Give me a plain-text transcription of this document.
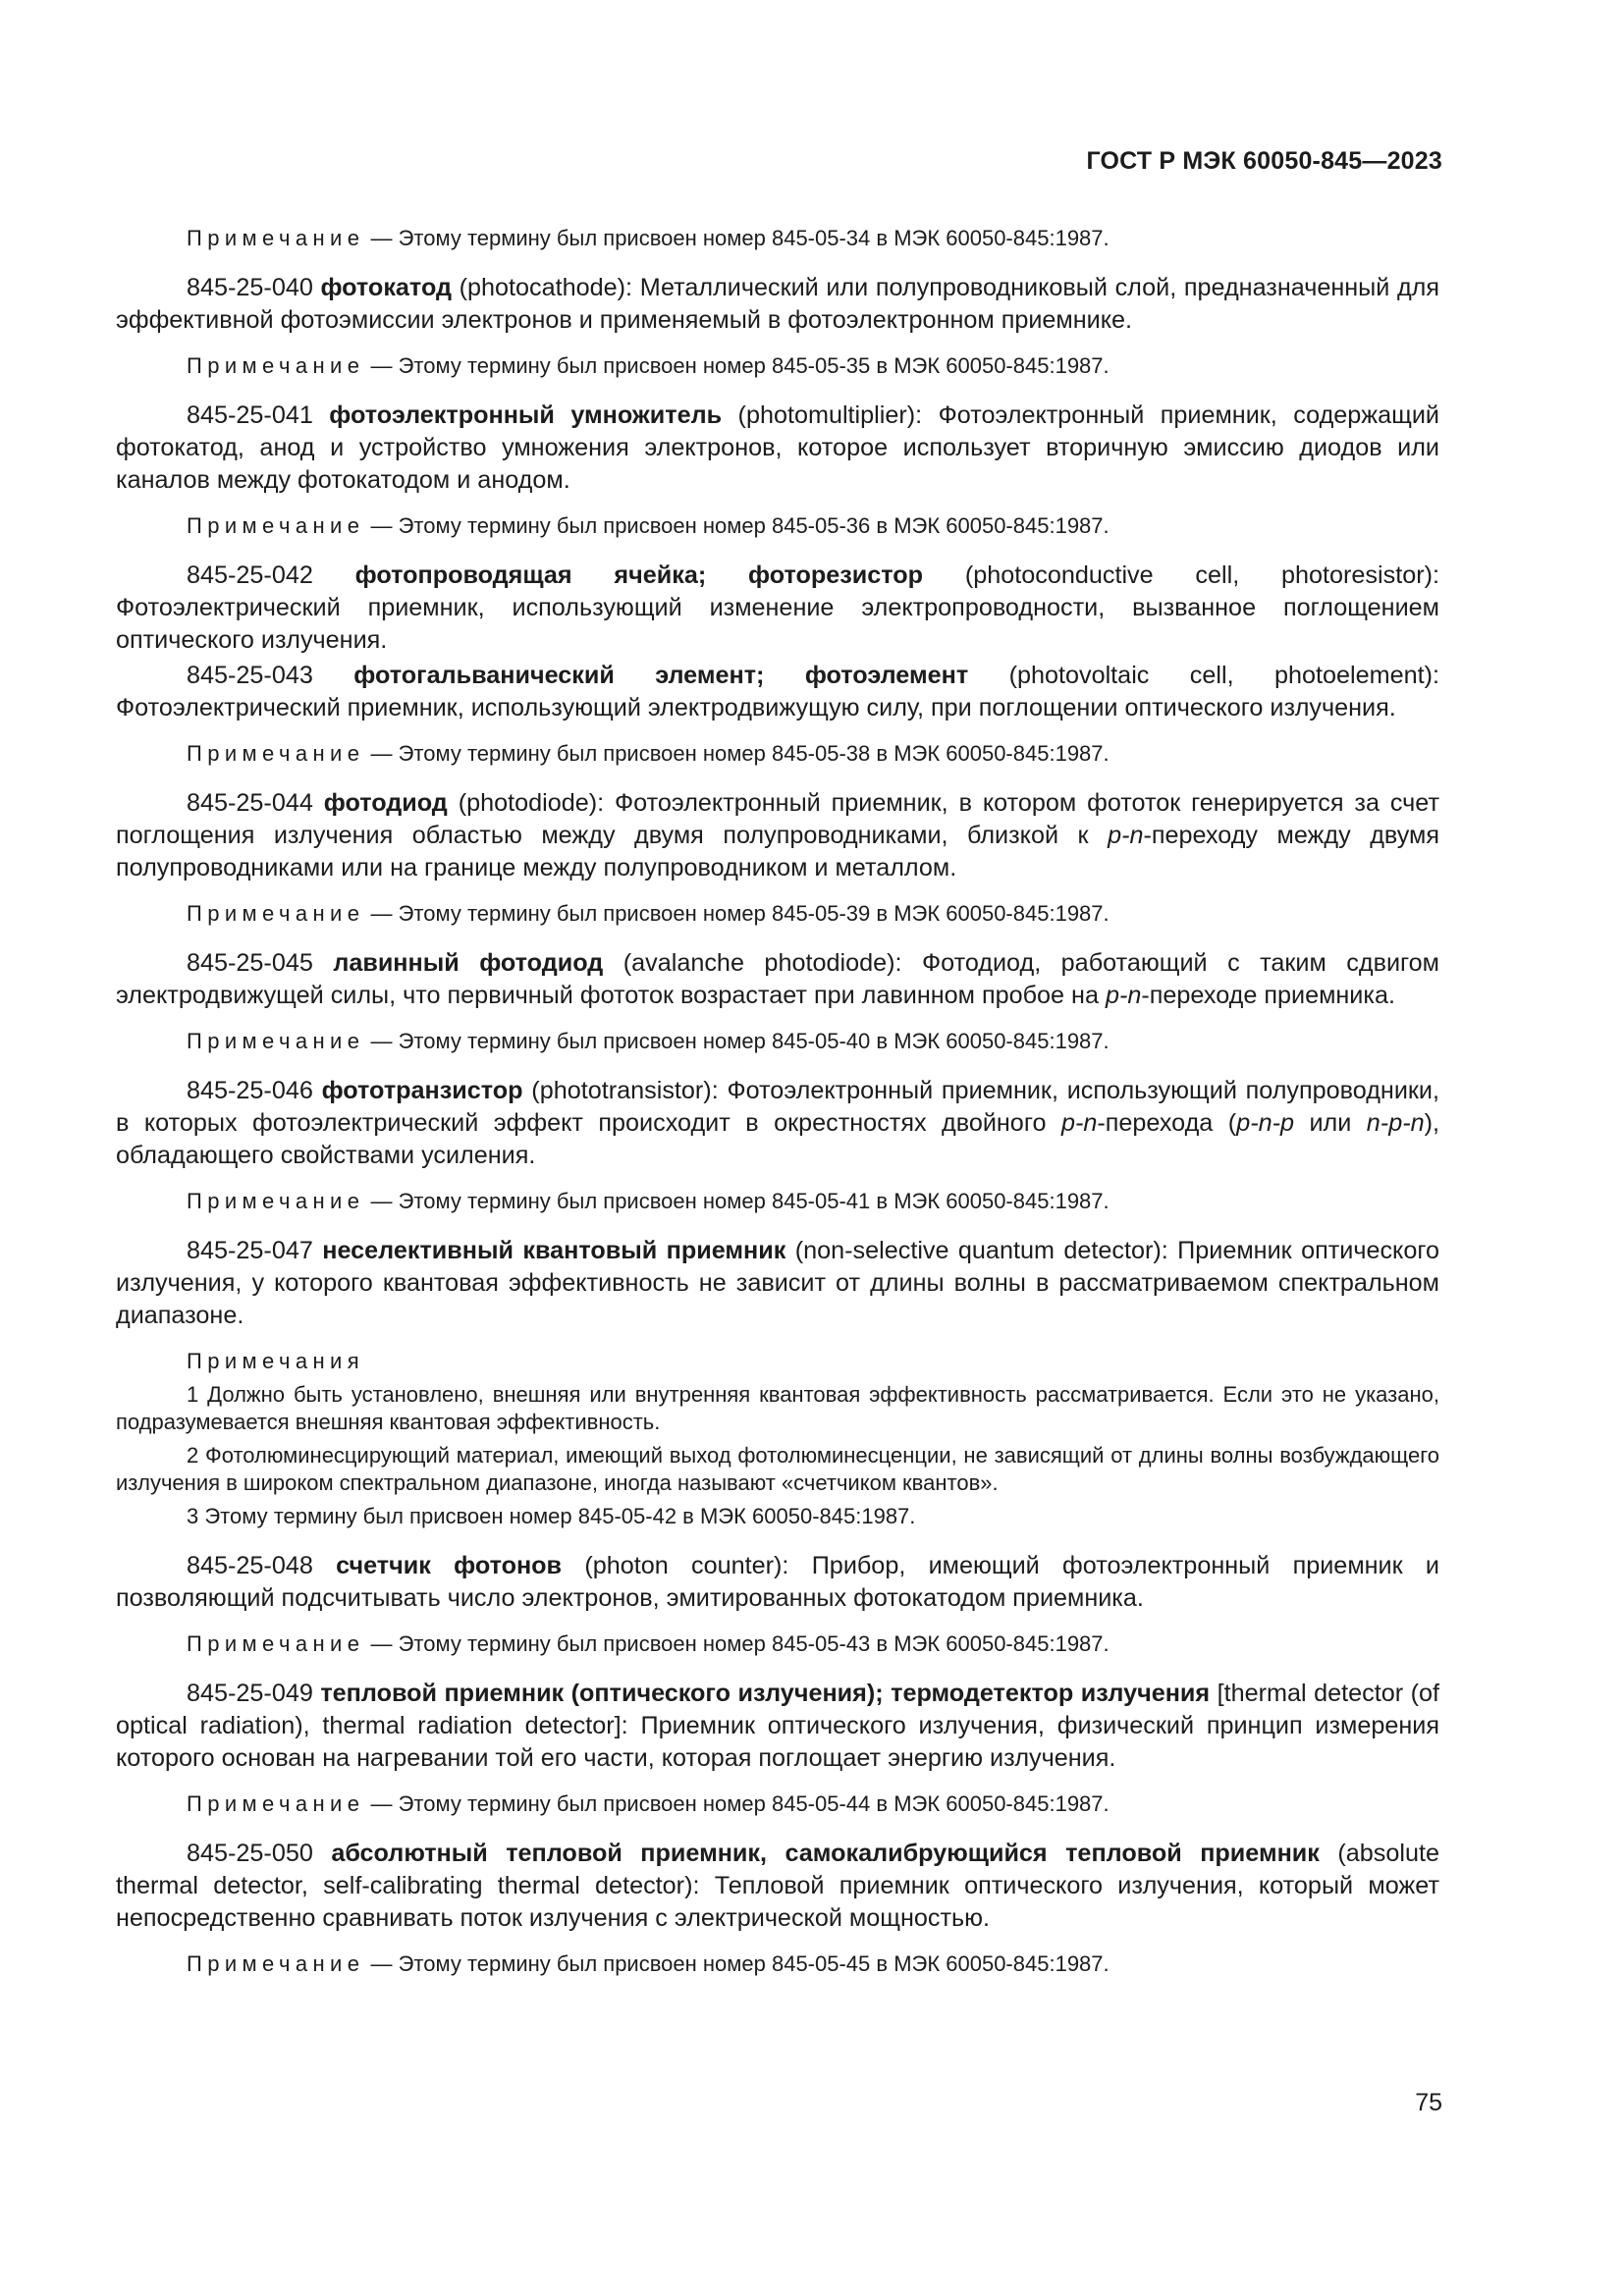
ГОСТ Р МЭК 60050-845—2023

Примечание — Этому термину был присвоен номер 845-05-34 в МЭК 60050-845:1987.

845-25-040 фотокатод (photocathode): Металлический или полупроводниковый слой, предназначенный для эффективной фотоэмиссии электронов и применяемый в фотоэлектронном приемнике.

Примечание — Этому термину был присвоен номер 845-05-35 в МЭК 60050-845:1987.

845-25-041 фотоэлектронный умножитель (photomultiplier): Фотоэлектронный приемник, содержащий фотокатод, анод и устройство умножения электронов, которое использует вторичную эмиссию диодов или каналов между фотокатодом и анодом.

Примечание — Этому термину был присвоен номер 845-05-36 в МЭК 60050-845:1987.

845-25-042 фотопроводящая ячейка; фоторезистор (photoconductive cell, photoresistor): Фотоэлектрический приемник, использующий изменение электропроводности, вызванное поглощением оптического излучения.

845-25-043 фотогальванический элемент; фотоэлемент (photovoltaic cell, photoelement): Фотоэлектрический приемник, использующий электродвижущую силу, при поглощении оптического излучения.

Примечание — Этому термину был присвоен номер 845-05-38 в МЭК 60050-845:1987.

845-25-044 фотодиод (photodiode): Фотоэлектронный приемник, в котором фототок генерируется за счет поглощения излучения областью между двумя полупроводниками, близкой к p-n-переходу между двумя полупроводниками или на границе между полупроводником и металлом.

Примечание — Этому термину был присвоен номер 845-05-39 в МЭК 60050-845:1987.

845-25-045 лавинный фотодиод (avalanche photodiode): Фотодиод, работающий с таким сдвигом электродвижущей силы, что первичный фототок возрастает при лавинном пробое на p-n-переходе приемника.

Примечание — Этому термину был присвоен номер 845-05-40 в МЭК 60050-845:1987.

845-25-046 фототранзистор (phototransistor): Фотоэлектронный приемник, использующий полупроводники, в которых фотоэлектрический эффект происходит в окрестностях двойного p-n-перехода (p-n-p или n-p-n), обладающего свойствами усиления.

Примечание — Этому термину был присвоен номер 845-05-41 в МЭК 60050-845:1987.

845-25-047 неселективный квантовый приемник (non-selective quantum detector): Приемник оптического излучения, у которого квантовая эффективность не зависит от длины волны в рассматриваемом спектральном диапазоне.

Примечания

1 Должно быть установлено, внешняя или внутренняя квантовая эффективность рассматривается. Если это не указано, подразумевается внешняя квантовая эффективность.

2 Фотолюминесцирующий материал, имеющий выход фотолюминесценции, не зависящий от длины волны возбуждающего излучения в широком спектральном диапазоне, иногда называют «счетчиком квантов».

3 Этому термину был присвоен номер 845-05-42 в МЭК 60050-845:1987.

845-25-048 счетчик фотонов (photon counter): Прибор, имеющий фотоэлектронный приемник и позволяющий подсчитывать число электронов, эмитированных фотокатодом приемника.

Примечание — Этому термину был присвоен номер 845-05-43 в МЭК 60050-845:1987.

845-25-049 тепловой приемник (оптического излучения); термодетектор излучения [thermal detector (of optical radiation), thermal radiation detector]: Приемник оптического излучения, физический принцип измерения которого основан на нагревании той его части, которая поглощает энергию излучения.

Примечание — Этому термину был присвоен номер 845-05-44 в МЭК 60050-845:1987.

845-25-050 абсолютный тепловой приемник, самокалибрующийся тепловой приемник (absolute thermal detector, self-calibrating thermal detector): Тепловой приемник оптического излучения, который может непосредственно сравнивать поток излучения с электрической мощностью.

Примечание — Этому термину был присвоен номер 845-05-45 в МЭК 60050-845:1987.

75
